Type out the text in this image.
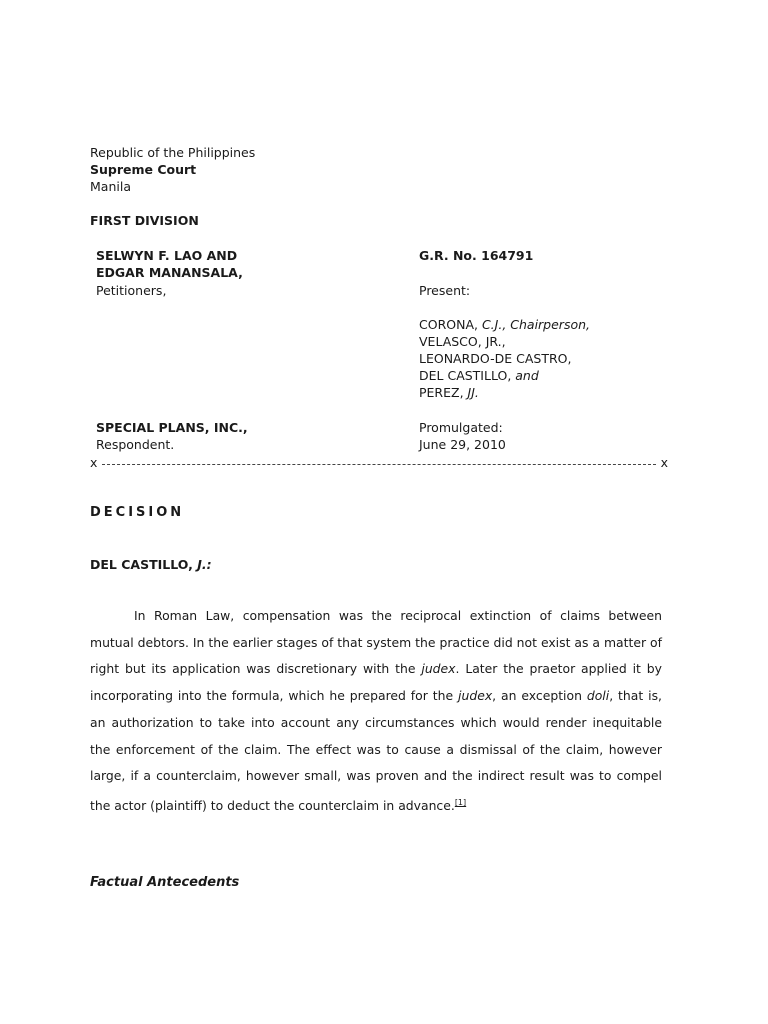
Republic of the Philippines
Supreme Court
Manila
FIRST DIVISION
SELWYN F. LAO AND
EDGAR MANANSALA,
Petitioners,
SPECIAL PLANS, INC.,
Respondent.
G.R. No. 164791
Present:
CORONA, C.J., Chairperson,
VELASCO, JR.,
LEONARDO-DE CASTRO,
DEL CASTILLO, and
PEREZ, JJ.
Promulgated:
June 29, 2010
x	x
DECISION
DEL CASTILLO, J.:
In Roman Law, compensation was the reciprocal extinction of claims between mutual debtors. In the earlier stages of that system the practice did not exist as a matter of right but its application was discretionary with the judex. Later the praetor applied it by incorporating into the formula, which he prepared for the judex, an exception doli, that is, an authorization to take into account any circumstances which would render inequitable the enforcement of the claim. The effect was to cause a dismissal of the claim, however large, if a counterclaim, however small, was proven and the indirect result was to compel the actor (plaintiff) to deduct the counterclaim in advance.[1]
Factual Antecedents
